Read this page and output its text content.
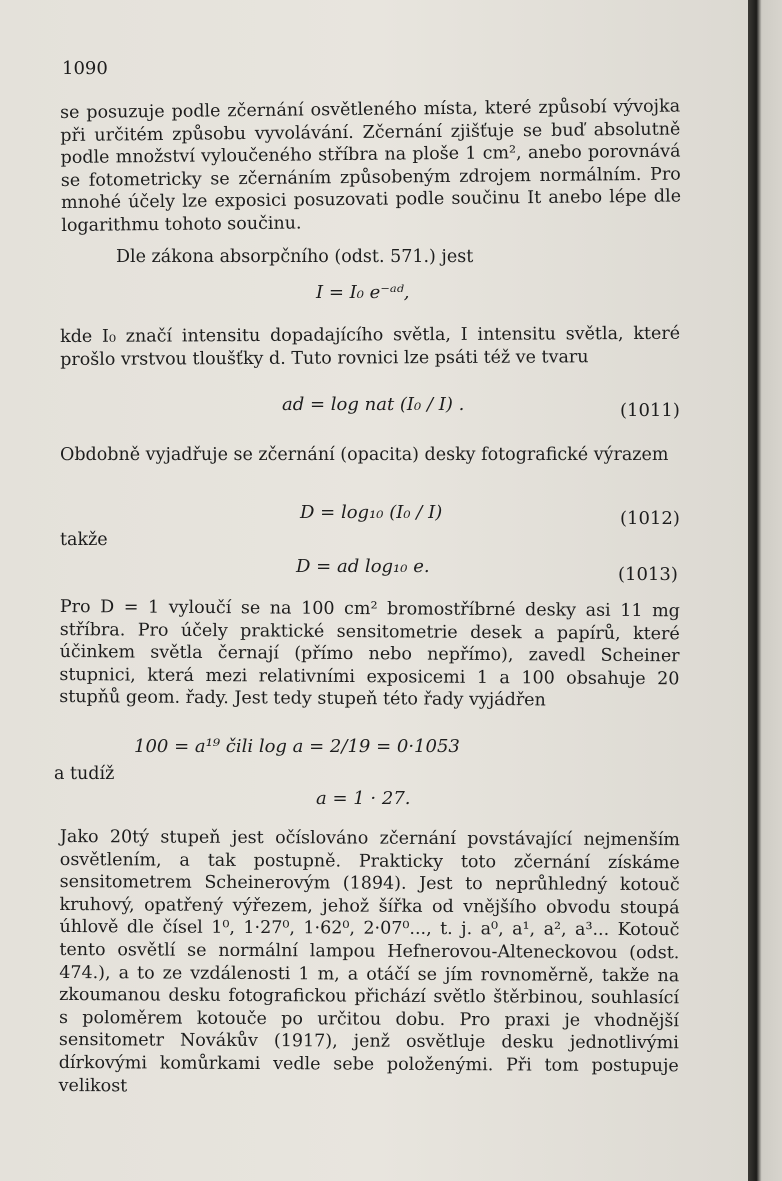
1090

se posuzuje podle zčernání osvětleného místa, které způsobí vývojka při určitém způsobu vyvolávání. Zčernání zjišťuje se buď absolutně podle množství vyloučeného stříbra na ploše 1 cm², anebo porovnává se fotometricky se zčernáním způsobeným zdrojem normálním. Pro mnohé účely lze exposici posuzovati podle součinu It anebo lépe dle logarithmu tohoto součinu.

Dle zákona absorpčního (odst. 571.) jest

I = I₀ e⁻ᵃᵈ,

kde I₀ značí intensitu dopadajícího světla, I intensitu světla, které prošlo vrstvou tloušťky d. Tuto rovnici lze psáti též ve tvaru

ad = log nat (I₀ / I) .	(1011)

Obdobně vyjadřuje se zčernání (opacita) desky fotografické výrazem

D = log₁₀ (I₀ / I)	(1012)
takže
D = ad log₁₀ e.	(1013)

Pro D = 1 vyloučí se na 100 cm² bromostříbrné desky asi 11 mg stříbra. Pro účely praktické sensitometrie desek a papírů, které účinkem světla černají (přímo nebo nepřímo), zavedl Scheiner stupnici, která mezi relativními exposicemi 1 a 100 obsahuje 20 stupňů geom. řady. Jest tedy stupeň této řady vyjádřen

100 = a¹⁹ čili log a = 2/19 = 0·1053
a tudíž
a = 1 · 27.

Jako 20tý stupeň jest očíslováno zčernání povstávající nejmenším osvětlením, a tak postupně. Prakticky toto zčernání získáme sensitometrem Scheinerovým (1894). Jest to neprůhledný kotouč kruhový, opatřený výřezem, jehož šířka od vnějšího obvodu stoupá úhlově dle čísel 1⁰, 1·27⁰, 1·62⁰, 2·07⁰..., t. j. a⁰, a¹, a², a³... Kotouč tento osvětlí se normální lampou Hefnerovou-Alteneckovou (odst. 474.), a to ze vzdálenosti 1 m, a otáčí se jím rovnoměrně, takže na zkoumanou desku fotografickou přichází světlo štěrbinou, souhlasící s poloměrem kotouče po určitou dobu. Pro praxi je vhodnější sensitometr Novákův (1917), jenž osvětluje desku jednotlivými dírkovými komůrkami vedle sebe položenými. Při tom postupuje velikost
